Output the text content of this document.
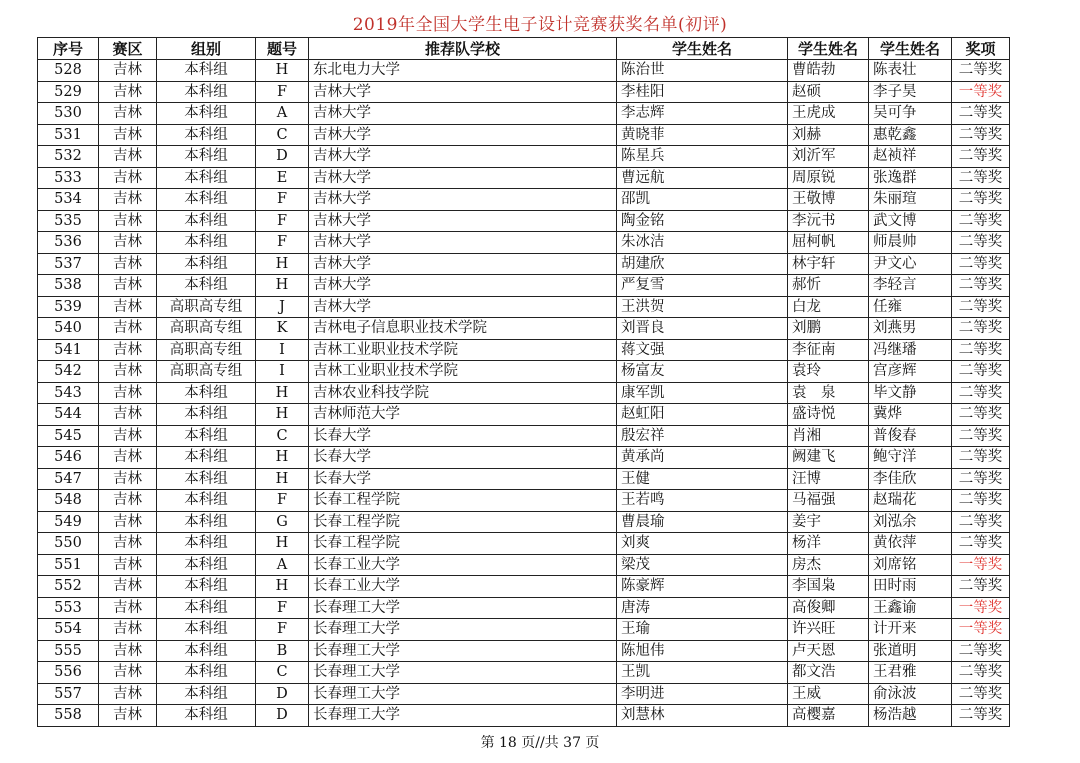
2019年全国大学生电子设计竞赛获奖名单(初评)
序号	赛区	组别	题号	推荐队学校	学生姓名	学生姓名	学生姓名	奖项
528	吉林	本科组	H	东北电力大学	陈治世	曹皓勃	陈表壮	二等奖
529	吉林	本科组	F	吉林大学	李桂阳	赵硕	李子昊	一等奖
530	吉林	本科组	A	吉林大学	李志辉	王虎成	吴可争	二等奖
531	吉林	本科组	C	吉林大学	黄晓菲	刘赫	惠乾鑫	二等奖
532	吉林	本科组	D	吉林大学	陈星兵	刘沂军	赵祯祥	二等奖
533	吉林	本科组	E	吉林大学	曹远航	周原锐	张逸群	二等奖
534	吉林	本科组	F	吉林大学	邵凯	王敬博	朱丽瑄	二等奖
535	吉林	本科组	F	吉林大学	陶金铭	李沅书	武文博	二等奖
536	吉林	本科组	F	吉林大学	朱冰洁	屈柯帆	师晨帅	二等奖
537	吉林	本科组	H	吉林大学	胡建欣	林宇轩	尹文心	二等奖
538	吉林	本科组	H	吉林大学	严复雪	郝忻	李轻言	二等奖
539	吉林	高职高专组	J	吉林大学	王洪贺	白龙	任雍	二等奖
540	吉林	高职高专组	K	吉林电子信息职业技术学院	刘晋良	刘鹏	刘燕男	二等奖
541	吉林	高职高专组	I	吉林工业职业技术学院	蒋文强	李征南	冯继璠	二等奖
542	吉林	高职高专组	I	吉林工业职业技术学院	杨富友	袁玲	宫彦辉	二等奖
543	吉林	本科组	H	吉林农业科技学院	康军凯	袁　泉	毕文静	二等奖
544	吉林	本科组	H	吉林师范大学	赵虹阳	盛诗悦	冀烨	二等奖
545	吉林	本科组	C	长春大学	殷宏祥	肖湘	普俊春	二等奖
546	吉林	本科组	H	长春大学	黄承尚	阙建飞	鲍守洋	二等奖
547	吉林	本科组	H	长春大学	王健	汪博	李佳欣	二等奖
548	吉林	本科组	F	长春工程学院	王若鸣	马福强	赵瑞花	二等奖
549	吉林	本科组	G	长春工程学院	曹晨瑜	姜宇	刘泓余	二等奖
550	吉林	本科组	H	长春工程学院	刘爽	杨洋	黄依萍	二等奖
551	吉林	本科组	A	长春工业大学	梁茂	房杰	刘席铭	一等奖
552	吉林	本科组	H	长春工业大学	陈豪辉	李国枭	田时雨	二等奖
553	吉林	本科组	F	长春理工大学	唐涛	高俊卿	王鑫谕	一等奖
554	吉林	本科组	F	长春理工大学	王瑜	许兴旺	计开来	一等奖
555	吉林	本科组	B	长春理工大学	陈旭伟	卢天恩	张道明	二等奖
556	吉林	本科组	C	长春理工大学	王凯	都文浩	王君雅	二等奖
557	吉林	本科组	D	长春理工大学	李明进	王威	俞泳波	二等奖
558	吉林	本科组	D	长春理工大学	刘慧林	高樱嘉	杨浩越	二等奖
第 18 页//共 37 页
